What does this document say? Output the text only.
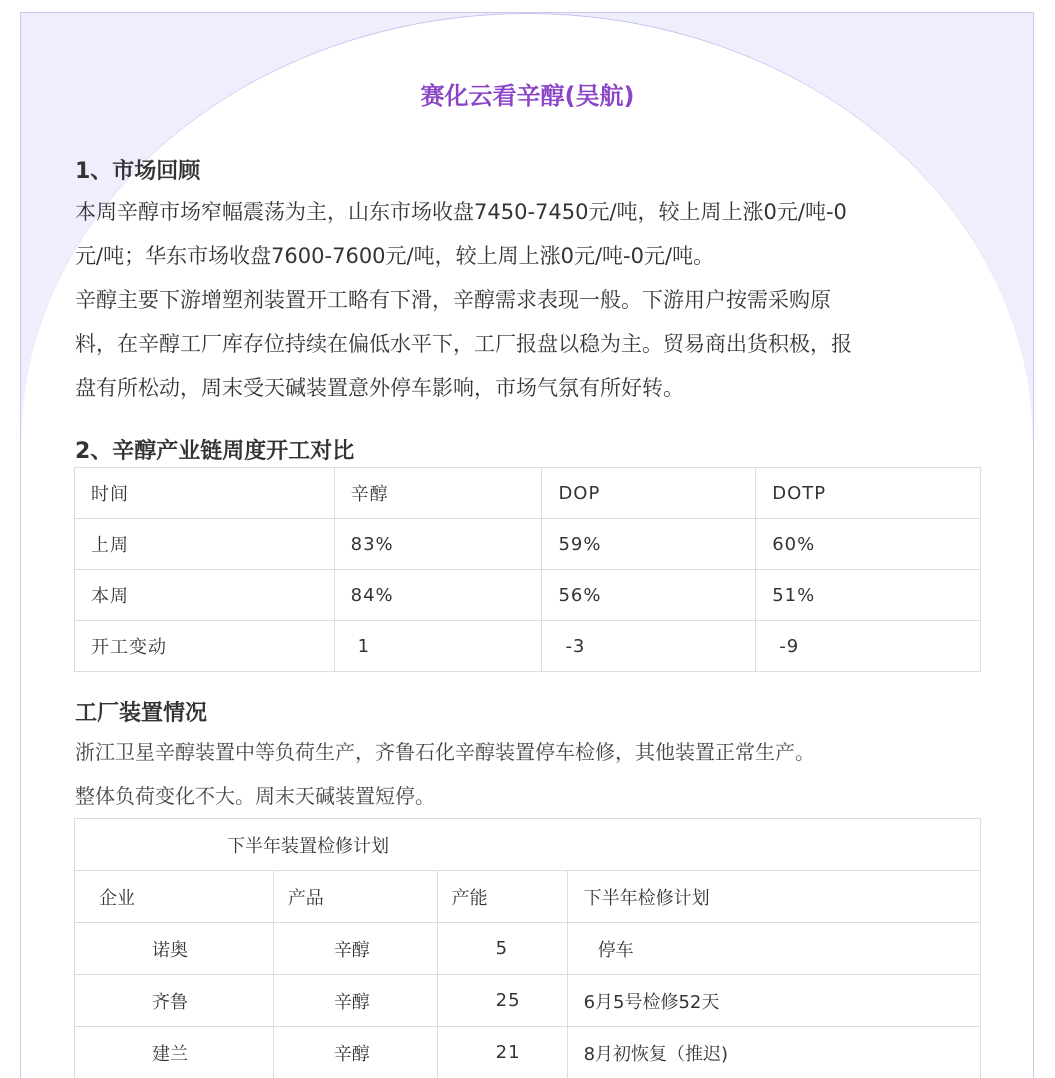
赛化云看辛醇(吴航)
1、市场回顾
本周辛醇市场窄幅震荡为主，山东市场收盘7450-7450元/吨，较上周上涨0元/吨-0
元/吨；华东市场收盘7600-7600元/吨，较上周上涨0元/吨-0元/吨。
辛醇主要下游增塑剂装置开工略有下滑，辛醇需求表现一般。下游用户按需采购原
料，在辛醇工厂库存位持续在偏低水平下，工厂报盘以稳为主。贸易商出货积极，报
盘有所松动，周末受天碱装置意外停车影响，市场气氛有所好转。
2、辛醇产业链周度开工对比
时间	辛醇	DOP	DOTP
上周	83%	59%	60%
本周	84%	56%	51%
开工变动	1	-3	-9
工厂装置情况
浙江卫星辛醇装置中等负荷生产，齐鲁石化辛醇装置停车检修，其他装置正常生产。
整体负荷变化不大。周末天碱装置短停。
下半年装置检修计划			
企业	产品	产能	下半年检修计划
诺奥	辛醇	5	停车
齐鲁	辛醇	25	6月5号检修52天
建兰	辛醇	21	8月初恢复（推迟)
